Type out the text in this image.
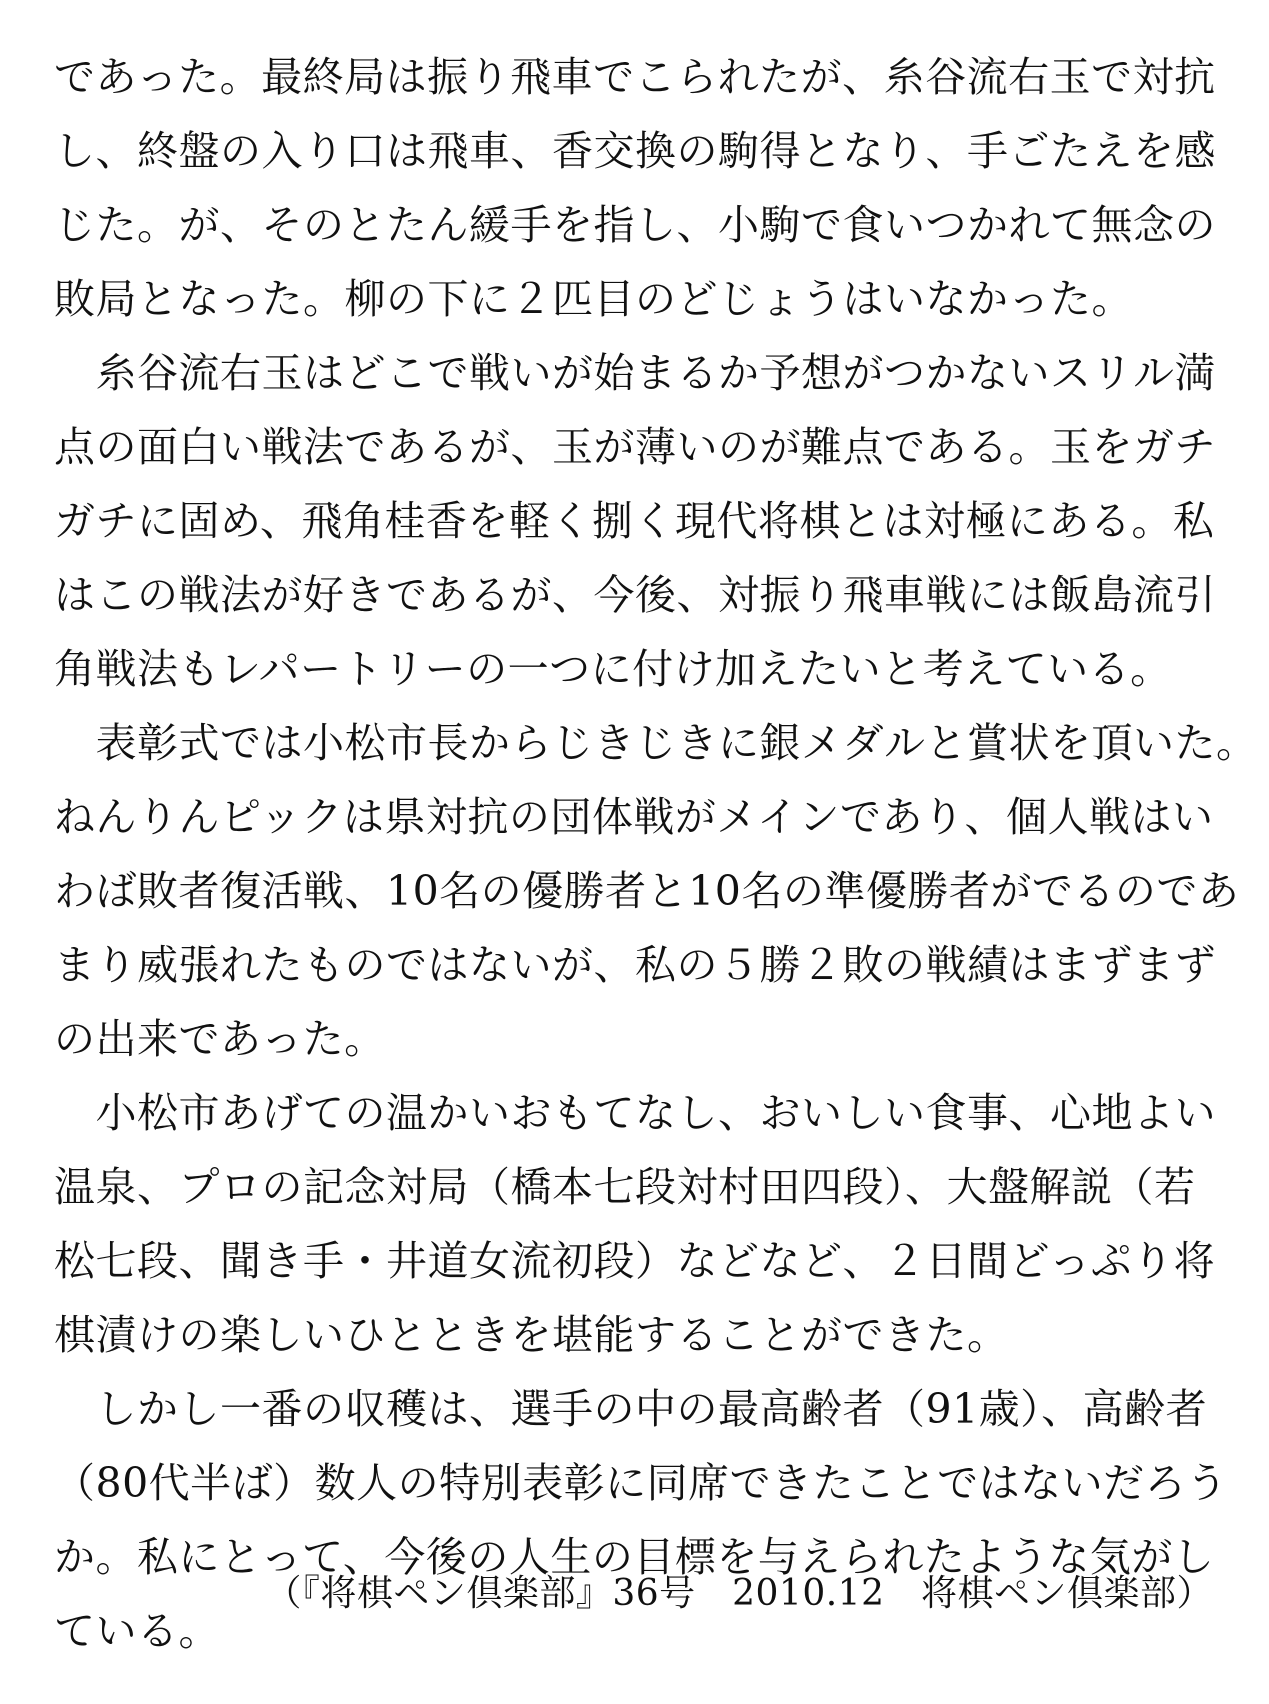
であった。最終局は振り飛車でこられたが、糸谷流右玉で対抗
し、終盤の入り口は飛車、香交換の駒得となり、手ごたえを感
じた。が、そのとたん緩手を指し、小駒で食いつかれて無念の
敗局となった。柳の下に２匹目のどじょうはいなかった。
　糸谷流右玉はどこで戦いが始まるか予想がつかないスリル満
点の面白い戦法であるが、玉が薄いのが難点である。玉をガチ
ガチに固め、飛角桂香を軽く捌く現代将棋とは対極にある。私
はこの戦法が好きであるが、今後、対振り飛車戦には飯島流引
角戦法もレパートリーの一つに付け加えたいと考えている。
　表彰式では小松市長からじきじきに銀メダルと賞状を頂いた。
ねんりんピックは県対抗の団体戦がメインであり、個人戦はい
わば敗者復活戦、10名の優勝者と10名の準優勝者がでるのであ
まり威張れたものではないが、私の５勝２敗の戦績はまずまず
の出来であった。
　小松市あげての温かいおもてなし、おいしい食事、心地よい
温泉、プロの記念対局（橋本七段対村田四段）、大盤解説（若
松七段、聞き手・井道女流初段）などなど、２日間どっぷり将
棋漬けの楽しいひとときを堪能することができた。
　しかし一番の収穫は、選手の中の最高齢者（91歳）、高齢者
（80代半ば）数人の特別表彰に同席できたことではないだろう
か。私にとって、今後の人生の目標を与えられたような気がし
ている。
（『将棋ペン倶楽部』36号　2010.12　将棋ペン倶楽部）
